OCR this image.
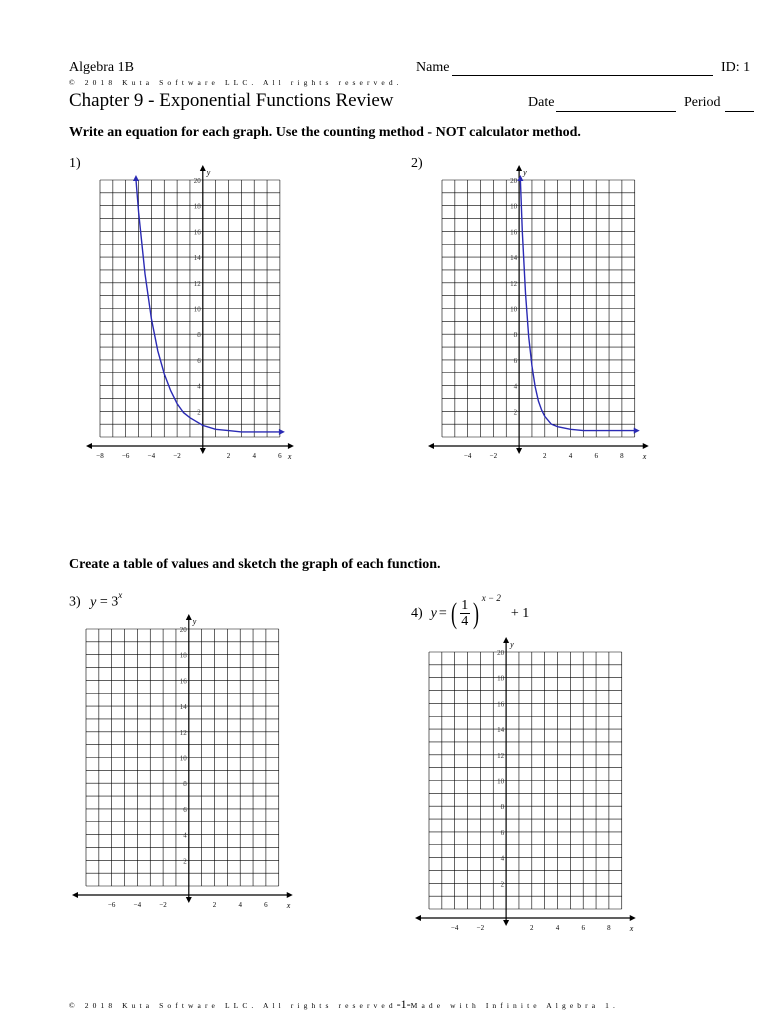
Algebra 1B	Name	ID: 1
© 2018 Kuta Software LLC. All rights reserved.
Chapter 9 - Exponential Functions Review	Date	Period
Write an equation for each graph. Use the counting method - NOT calculator method.
Create a table of values and sketch the graph of each function.
1)	2)
3) $y = 3^x$
4) y = ( 1
4 ) x − 2
+ 1
y
x
−8	−6	−4	−2	2	4	6
2
4
6
8
10
12
14
16
18
20
y
x
−4	−2	2	4	6	8
2
4
6
8
10
12
14
16
18
20
y
x
−6	−4	−2	2	4	6
2
4
6
8
10
12
14
16
18
20
y
x
−4	−2	2	4	6	8
2
4
6
8
10
12
14
16
18
20
© 2018 Kuta Software LLC. All rights reserved-1-Made with Infinite Algebra 1.
